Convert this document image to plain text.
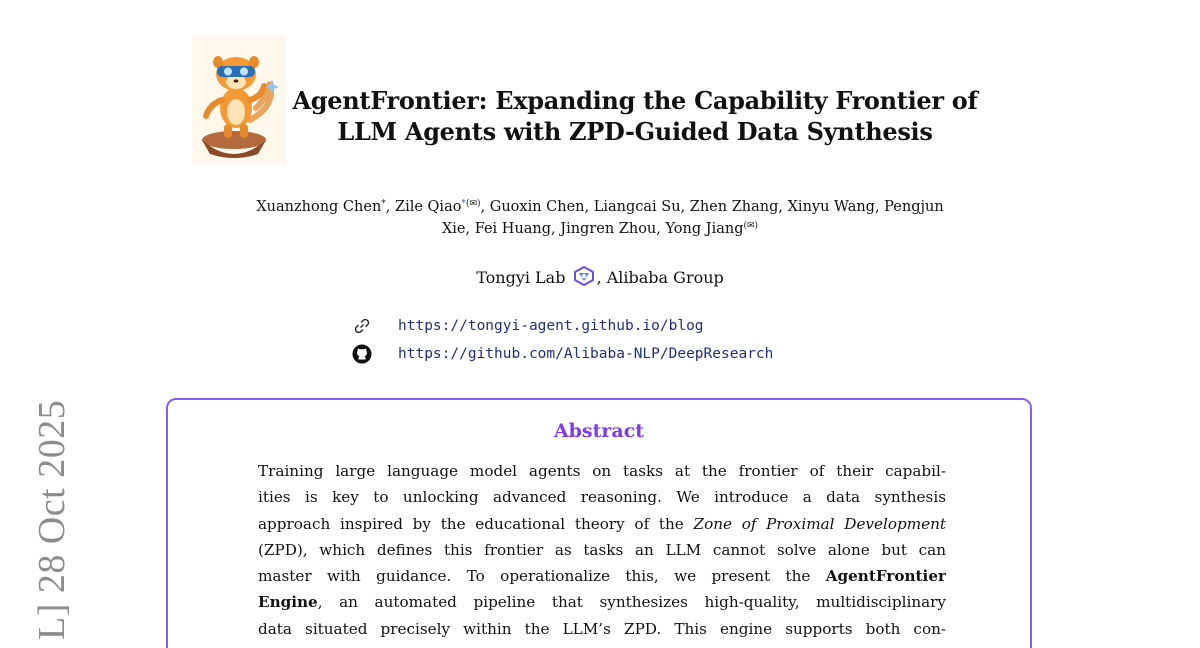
L] 28 Oct 2025
AgentFrontier: Expanding the Capability Frontier of
LLM Agents with ZPD-Guided Data Synthesis
Xuanzhong Chen*, Zile Qiao*(✉), Guoxin Chen, Liangcai Su, Zhen Zhang, Xinyu Wang, Pengjun
Xie, Fei Huang, Jingren Zhou, Yong Jiang(✉)
Tongyi Lab , Alibaba Group
https://tongyi-agent.github.io/blog
https://github.com/Alibaba-NLP/DeepResearch
Abstract
Training large language model agents on tasks at the frontier of their capabil-
ities is key to unlocking advanced reasoning. We introduce a data synthesis
approach inspired by the educational theory of the Zone of Proximal Development
(ZPD), which defines this frontier as tasks an LLM cannot solve alone but can
master with guidance. To operationalize this, we present the AgentFrontier
Engine, an automated pipeline that synthesizes high-quality, multidisciplinary
data situated precisely within the LLM’s ZPD. This engine supports both con-
